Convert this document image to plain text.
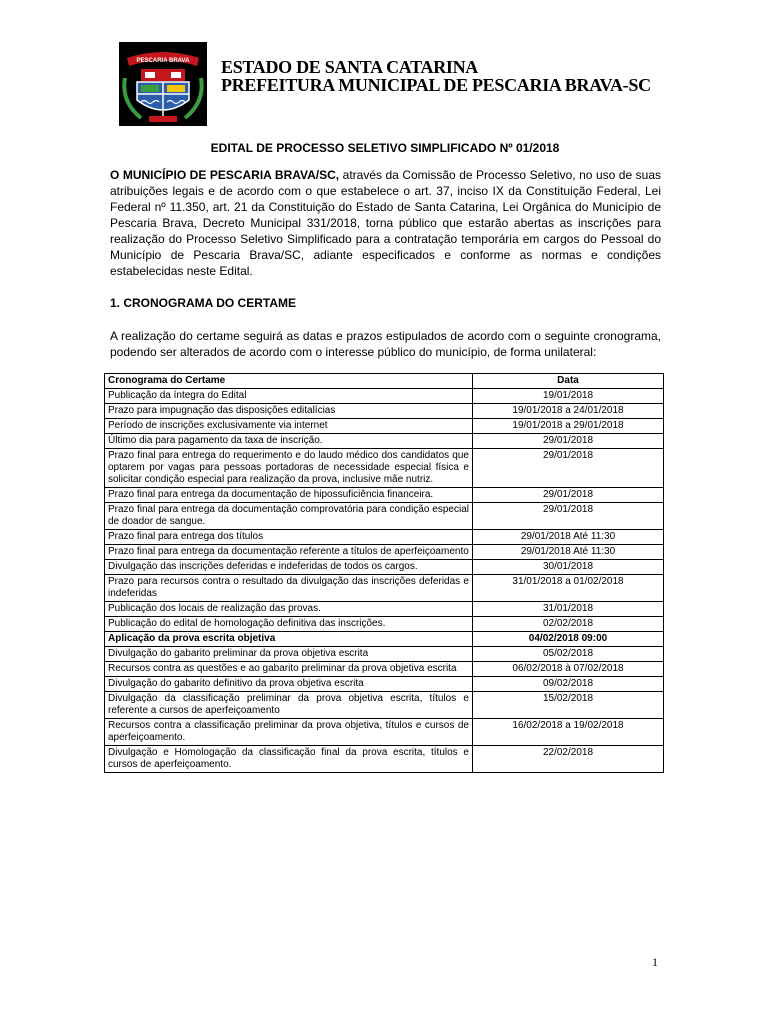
PESCARIA BRAVA ESTADO DE SANTA CATARINA
PREFEITURA MUNICIPAL DE PESCARIA BRAVA-SC
EDITAL DE PROCESSO SELETIVO SIMPLIFICADO Nº 01/2018
O MUNICÍPIO DE PESCARIA BRAVA/SC, através da Comissão de Processo Seletivo, no uso de suas atribuições legais e de acordo com o que estabelece o art. 37, inciso IX da Constituição Federal, Lei Federal nº 11.350, art. 21 da Constituição do Estado de Santa Catarina, Lei Orgânica do Município de Pescaria Brava, Decreto Municipal 331/2018, torna público que estarão abertas as inscrições para realização do Processo Seletivo Simplificado para a contratação temporária em cargos do Pessoal do Município de Pescaria Brava/SC, adiante especificados e conforme as normas e condições estabelecidas neste Edital.
1. CRONOGRAMA DO CERTAME
A realização do certame seguirá as datas e prazos estipulados de acordo com o seguinte cronograma, podendo ser alterados de acordo com o interesse público do município, de forma unilateral:
Cronograma do Certame	Data
Publicação da íntegra do Edital	19/01/2018
Prazo para impugnação das disposições editalícias	19/01/2018 a 24/01/2018
Período de inscrições exclusivamente via internet	19/01/2018 a 29/01/2018
Último dia para pagamento da taxa de inscrição.	29/01/2018
Prazo final para entrega do requerimento e do laudo médico dos candidatos que optarem por vagas para pessoas portadoras de necessidade especial física e solicitar condição especial para realização da prova, inclusive mãe nutriz.	29/01/2018
Prazo final para entrega da documentação de hipossuficiência financeira.	29/01/2018
Prazo final para entrega da documentação comprovatória para condição especial de doador de sangue.	29/01/2018
Prazo final para entrega dos títulos	29/01/2018 Até 11:30
Prazo final para entrega da documentação referente a títulos de aperfeiçoamento	29/01/2018 Até 11:30
Divulgação das inscrições deferidas e indeferidas de todos os cargos.	30/01/2018
Prazo para recursos contra o resultado da divulgação das inscrições deferidas e indeferidas	31/01/2018 a 01/02/2018
Publicação dos locais de realização das provas.	31/01/2018
Publicação do edital de homologação definitiva das inscrições.	02/02/2018
Aplicação da prova escrita objetiva	04/02/2018 09:00
Divulgação do gabarito preliminar da prova objetiva escrita	05/02/2018
Recursos contra as questões e ao gabarito preliminar da prova objetiva escrita	06/02/2018 à 07/02/2018
Divulgação do gabarito definitivo da prova objetiva escrita	09/02/2018
Divulgação da classificação preliminar da prova objetiva escrita, títulos e referente a cursos de aperfeiçoamento	15/02/2018
Recursos contra a classificação preliminar da prova objetiva, títulos e cursos de aperfeiçoamento.	16/02/2018 a 19/02/2018
Divulgação e Homologação da classificação final da prova escrita, títulos e cursos de aperfeiçoamento.	22/02/2018
1
